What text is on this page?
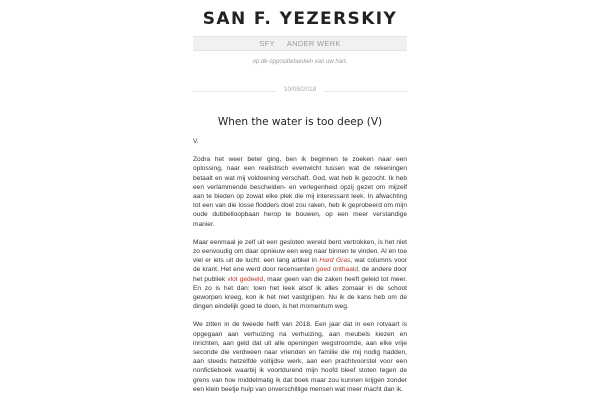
SAN F. YEZERSKIY
SFY ANDER WERK
op de oppositiebanken van uw hart.
10/08/2018
When the water is too deep (V)

V.

Zodra het weer beter ging, ben ik beginnen te zoeken naar een oplossing, naar een realistisch evenwicht tussen wat de rekeningen betaalt en wat mij voldoening verschaft. God, wat heb ik gezocht. Ik heb een verlammende bescheiden- en verlegenheid opzij gezet om mijzelf aan te bieden op zowat elke plek die mij interessant leek. In afwachting tot een van die losse flodders doel zou raken, heb ik geprobeerd om mijn oude dubbelloopbaan herop te bouwen, op een meer verstandige manier.

Maar eenmaal je zelf uit een gesloten wereld bent vertrokken, is het niet zo eenvoudig om daar opnieuw een weg naar binnen te vinden. Al en toe viel er iets uit de lucht: een lang artikel in Hard Gras, wat columns voor de krant. Het ene werd door recensenten goed onthaald, de andere door het publiek vlot gedeeld, maar geen van die zaken heeft geleid tot meer. En zo is het dan: toen het leek alsof ik alles zomaar in de schoot geworpen kreeg, kon ik het niet vastgrijpen. Nu ik de kans heb om de dingen eindelijk goed te doen, is het momentum weg.

We zitten in de tweede helft van 2018. Een jaar dat in een rotvaart is opgegaan aan verhuizing na verhuizing, aan meubels kiezen en inrichten, aan geld dat uit alle openingen wegstroomde, aan elke vrije seconde die verdween naar vrienden en familie die mij nodig hadden, aan steeds hetzelfde voltijdse werk, aan een prachtvoorstel voor een nonfictieboek waarbij ik voortdurend mijn hoofd bleef stoten tegen de grens van hoe middelmatig ik dat boek maar zou kunnen krijgen zonder een klein beetje hulp van onverschillige mensen wat meer macht dan ik.
